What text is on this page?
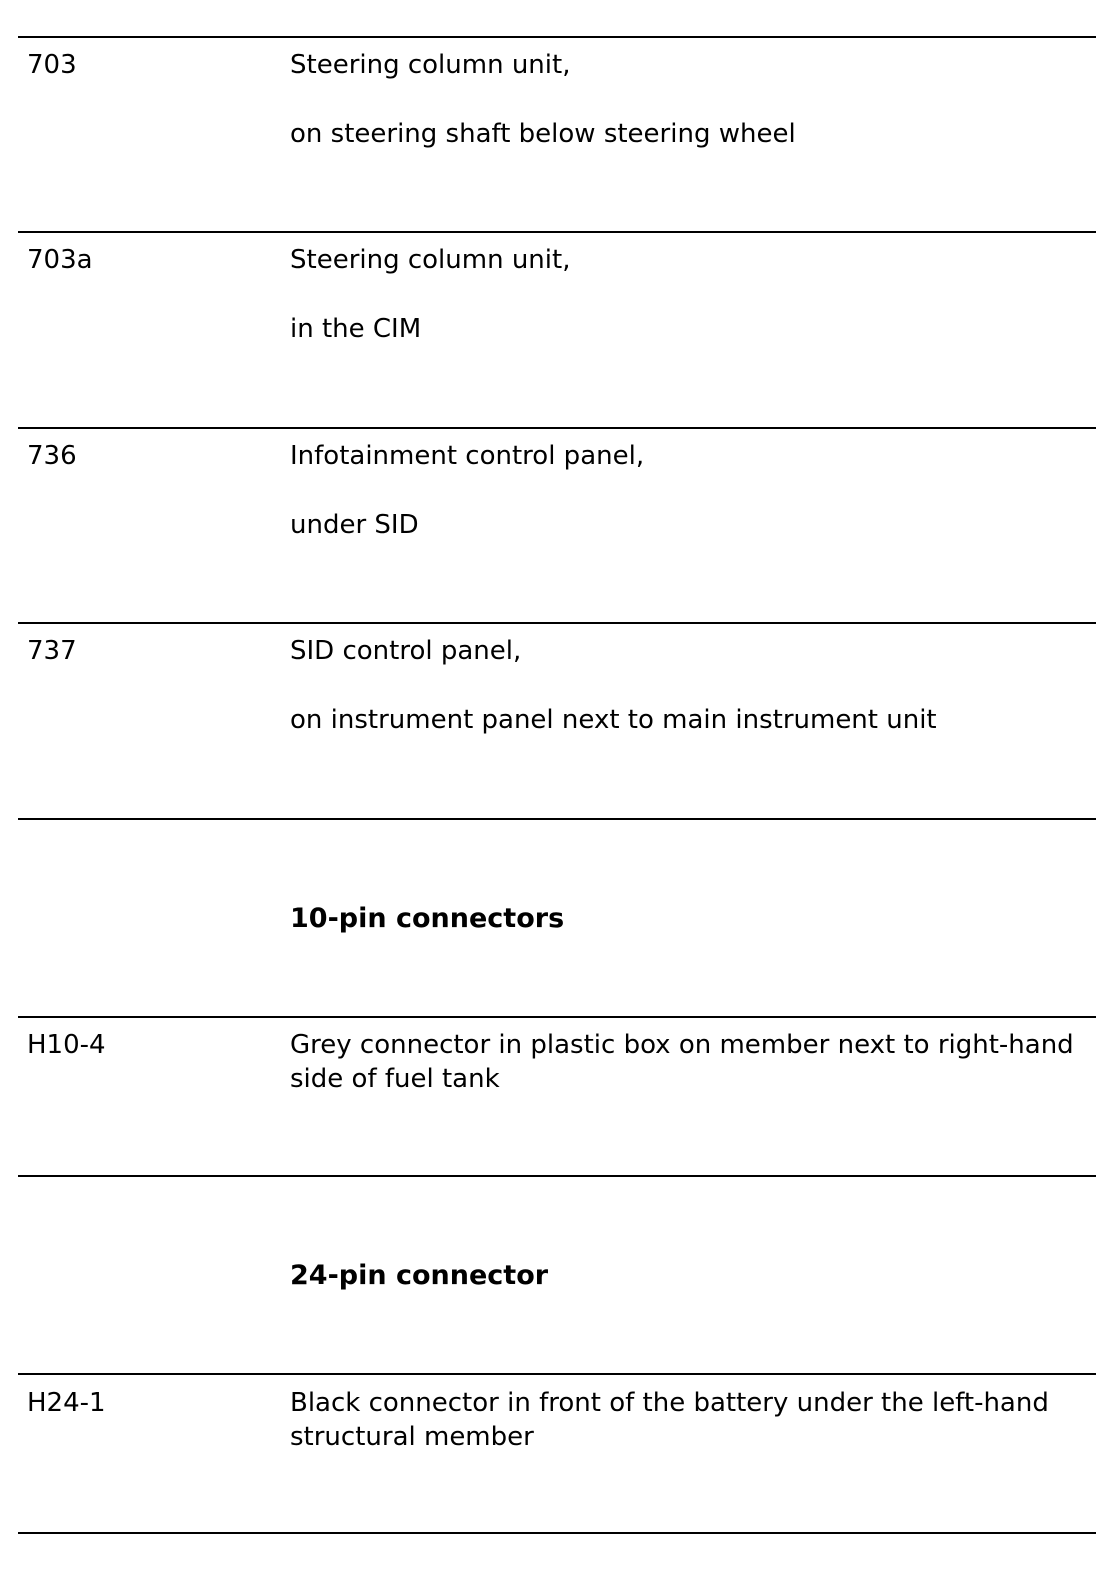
703	Steering column unit,
on steering shaft below steering wheel
703a	Steering column unit,
in the CIM
736	Infotainment control panel,
under SID
737	SID control panel,
on instrument panel next to main instrument unit
10-pin connectors
H10-4	Grey connector in plastic box on member next to right-hand side of fuel tank
24-pin connector
H24-1	Black connector in front of the battery under the left-hand structural member
